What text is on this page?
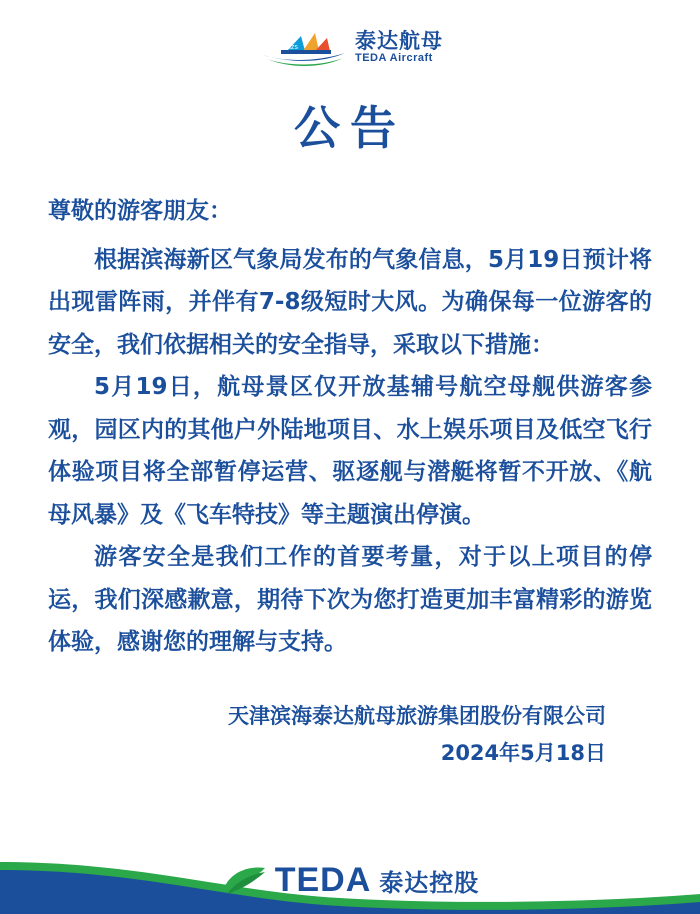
nzs	泰达航母
TEDA Aircraft
公告

尊敬的游客朋友：

根据滨海新区气象局发布的气象信息，5月19日预计将出现雷阵雨，并伴有7-8级短时大风。为确保每一位游客的安全，我们依据相关的安全指导，采取以下措施：

5月19日，航母景区仅开放基辅号航空母舰供游客参观，园区内的其他户外陆地项目、水上娱乐项目及低空飞行体验项目将全部暂停运营、驱逐舰与潜艇将暂不开放、《航母风暴》及《飞车特技》等主题演出停演。

游客安全是我们工作的首要考量，对于以上项目的停运，我们深感歉意，期待下次为您打造更加丰富精彩的游览体验，感谢您的理解与支持。

天津滨海泰达航母旅游集团股份有限公司
2024年5月18日
TEDA 泰达控股
